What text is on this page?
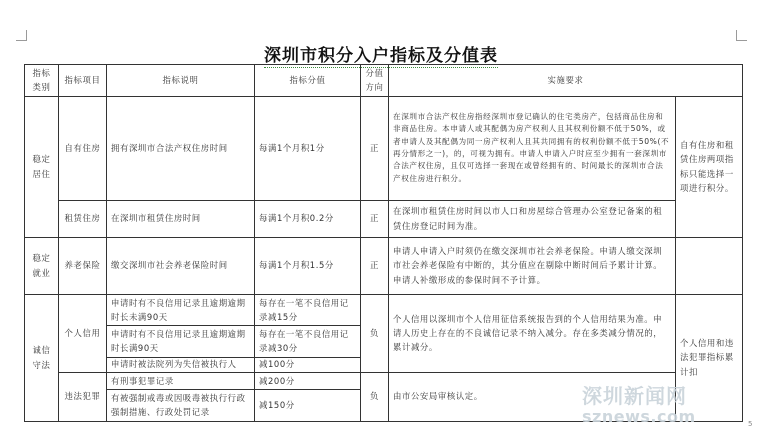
深圳市积分入户指标及分值表
指标类别	指标项目	指标说明	指标分值	分值方向	实施要求	
稳定居住	自有住房	拥有深圳市合法产权住房时间	每满1个月积1分	正	在深圳市合法产权住房指经深圳市登记确认的住宅类房产，包括商品住房和非商品住房。本申请人或其配偶为房产权利人且其权利份额不低于50%，或者申请人及其配偶为同一房产权利人且其共同拥有的权利份额不低于50%(不再分情形之一)，的，可视为拥有。申请人申请入户时应至少拥有一套深圳市合法产权住房，且仅可选择一套现在或曾经拥有的、时间最长的深圳市合法产权住房进行积分。	自有住房和租赁住房两项指标只能选择一项进行积分。
	租赁住房	在深圳市租赁住房时间	每满1个月积0.2分	正	在深圳市租赁住房时间以市人口和房屋综合管理办公室登记备案的租赁住房登记时间为准。	
稳定就业	养老保险	缴交深圳市社会养老保险时间	每满1个月积1.5分	正	申请人申请入户时须仍在缴交深圳市社会养老保险。申请人缴交深圳市社会养老保险有中断的，其分值应在剔除中断时间后予累计计算。申请人补缴形成的参保时间不予计算。	
诚信守法	个人信用	申请时有不良信用记录且逾期逾期时长未满90天	每存在一笔不良信用记录减15分	负	个人信用以深圳市个人信用征信系统报告到的个人信用结果为准。申请人历史上存在的不良诚信记录不纳入减分。存在多类减分情况的，累计减分。	个人信用和违法犯罪指标累计扣
		申请时有不良信用记录且逾期逾期时长满90天	每存在一笔不良信用记录减30分			
		申请时被法院列为失信被执行人	减100分			
	违法犯罪	有刑事犯罪记录	减200分	负	由市公安局审核认定。	
		有被强制戒毒或因吸毒被执行行政强制措施、行政处罚记录	减150分				深圳新闻网
sznews.com	5
